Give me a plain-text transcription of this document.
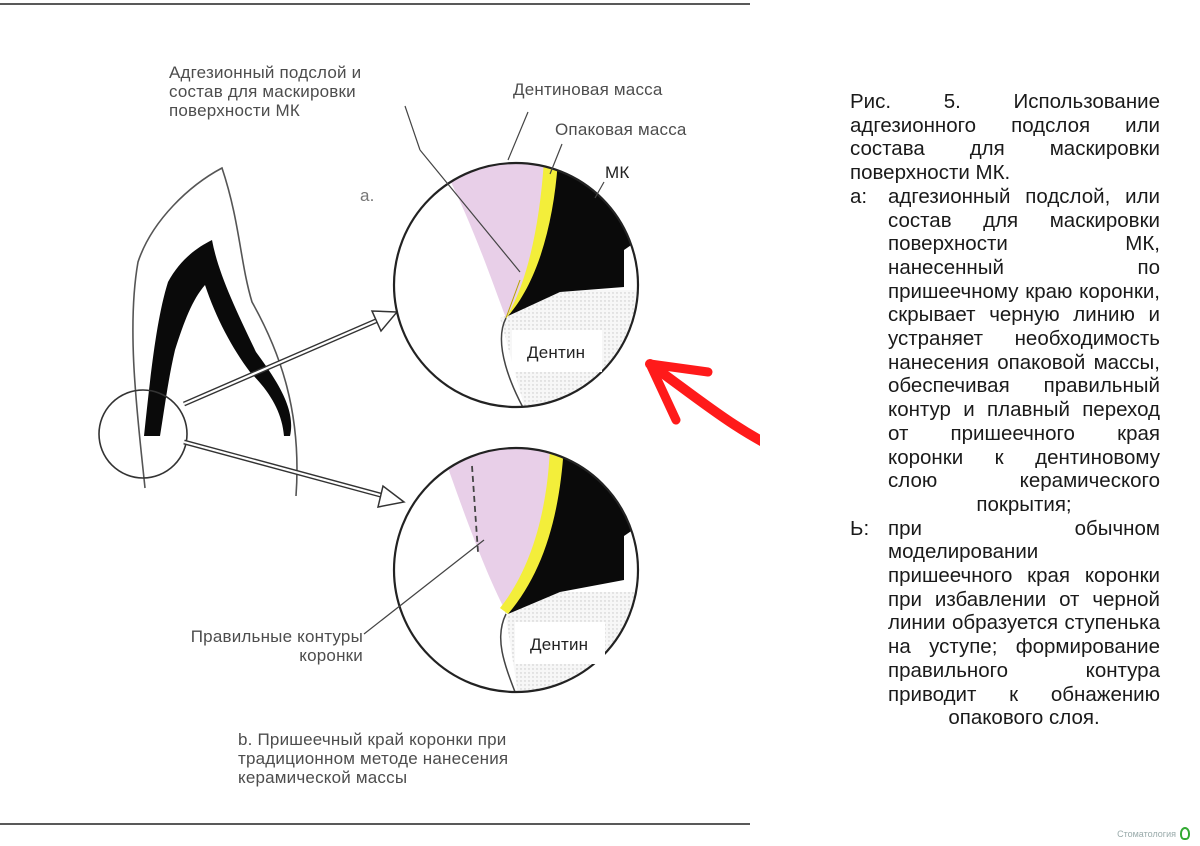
Адгезионный подслой и
состав для маскировки
поверхности МК
Дентиновая масса
Опаковая масса
МК
a.
Дентин
Дентин
Правильные контуры
коронки
b. Пришеечный край коронки при
традиционном методе нанесения
керамической массы
Рис. 5. Использование адгезионного подслоя или состава для маскировки поверхности МК.
а:	адгезионный подслой, или состав для маскировки поверхности МК, нанесенный по пришеечному краю коронки, скрывает черную линию и устраняет необходимость нанесения опаковой массы, обеспечивая правильный контур и плавный переход от пришеечного края коронки к дентиновому слою керамического покрытия;
Ь: при обычном моделировании пришеечного края коронки при избавлении от черной линии образуется ступенька на уступе; формирование правильного контура приводит к обнажению опакового слоя.
Стоматология
